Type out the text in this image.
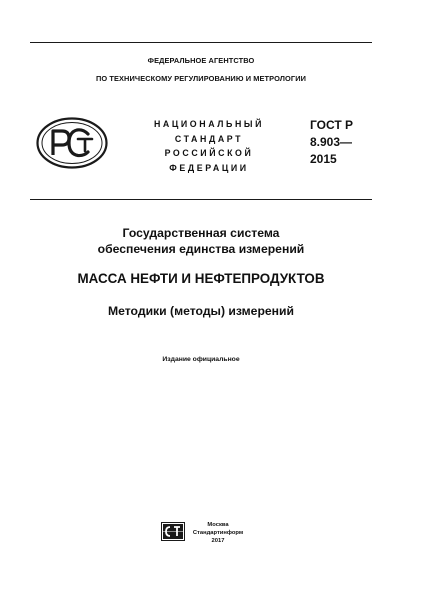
ФЕДЕРАЛЬНОЕ АГЕНТСТВО
ПО ТЕХНИЧЕСКОМУ РЕГУЛИРОВАНИЮ И МЕТРОЛОГИИ
НАЦИОНАЛЬНЫЙ
СТАНДАРТ
РОССИЙСКОЙ
ФЕДЕРАЦИИ
ГОСТ Р
8.903—
2015
Государственная система
обеспечения единства измерений
МАССА НЕФТИ И НЕФТЕПРОДУКТОВ
Методики (методы) измерений
Издание официальное
Москва
Стандартинформ
2017
